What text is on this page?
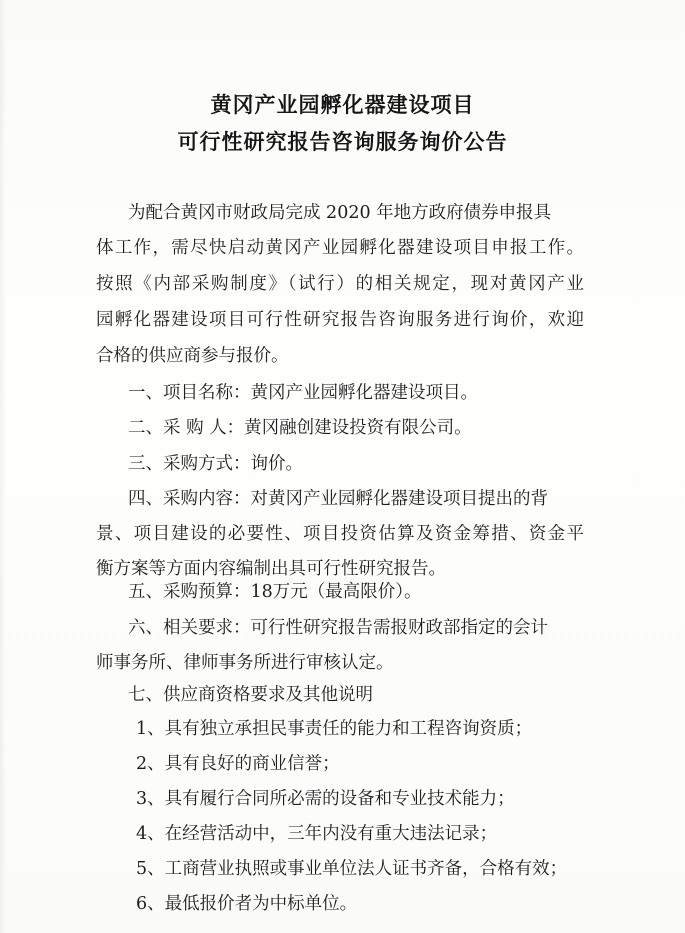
黄冈产业园孵化器建设项目
可行性研究报告咨询服务询价公告
为配合黄冈市财政局完成 2020 年地方政府债券申报具
体工作，需尽快启动黄冈产业园孵化器建设项目申报工作。
按照《内部采购制度》（试行）的相关规定，现对黄冈产业
园孵化器建设项目可行性研究报告咨询服务进行询价，欢迎
合格的供应商参与报价。
一、项目名称：黄冈产业园孵化器建设项目。
二、采 购 人：黄冈融创建设投资有限公司。
三、采购方式：询价。
四、采购内容：对黄冈产业园孵化器建设项目提出的背
景、项目建设的必要性、项目投资估算及资金筹措、资金平
衡方案等方面内容编制出具可行性研究报告。
五、采购预算：18万元（最高限价）。
六、相关要求：可行性研究报告需报财政部指定的会计
师事务所、律师事务所进行审核认定。
七、供应商资格要求及其他说明
1、具有独立承担民事责任的能力和工程咨询资质；
2、具有良好的商业信誉；
3、具有履行合同所必需的设备和专业技术能力；
4、在经营活动中，三年内没有重大违法记录；
5、工商营业执照或事业单位法人证书齐备，合格有效；
6、最低报价者为中标单位。
